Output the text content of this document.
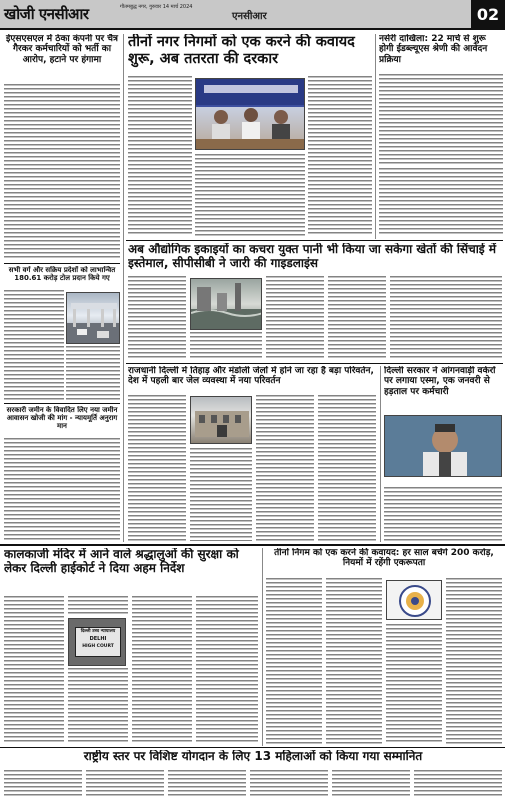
खोजी एनसीआर	गौतमबुद्ध नगर, गुरुवार 14 मार्च 2024
एनसीआर	02
ईएसएसएल में ठेका कंपनी पर चैत्र गैरकर कर्मचारियों को भर्ती का आरोप, हटाने पर हंगामा
सभी वर्ग और सक्रिय प्रदेशों को लाभान्वित 180.61 करोड़ टोल प्रदान किये गए
सरकारी जमीन के विवादित लिए नया जमीन आवासन खोजी की मांग - न्यायमूर्ति अनुराग मान
तीनों नगर निगमों को एक करने की कवायद शुरू, अब ततरता की दरकार
नर्सरी दाखिला: 22 मार्च से शुरू होगी ईडब्ल्यूएस श्रेणी की आवेदन प्रक्रिया
अब औद्योगिक इकाइयों का कचरा युक्त पानी भी किया जा सकेगा खेतों की सिंचाई में इस्तेमाल, सीपीसीबी ने जारी की गाइडलाइंस
राजधानी दिल्ली में तिहाड़ और मंडोली जेलों में होने जा रहा है बड़ा परिवर्तन, देश में पहली बार जेल व्यवस्था में नया परिवर्तन
दिल्ली सरकार ने आंगनवाड़ी वर्करों पर लगाया एस्मा, एक जनवरी से हड़ताल पर कर्मचारी
कालकाजी मंदिर में आने वाले श्रद्धालुओं की सुरक्षा को लेकर दिल्ली हाईकोर्ट ने दिया अहम निर्देश
दिल्ली उच्च न्यायालय
DELHI
HIGH COURT
तीनों निगम को एक करने की कवायद: हर साल बचेंगे 200 करोड़, नियमों में रहेंगी एकरूपता
राष्ट्रीय स्तर पर विशिष्ट योगदान के लिए 13 महिलाओं को किया गया सम्मानित
